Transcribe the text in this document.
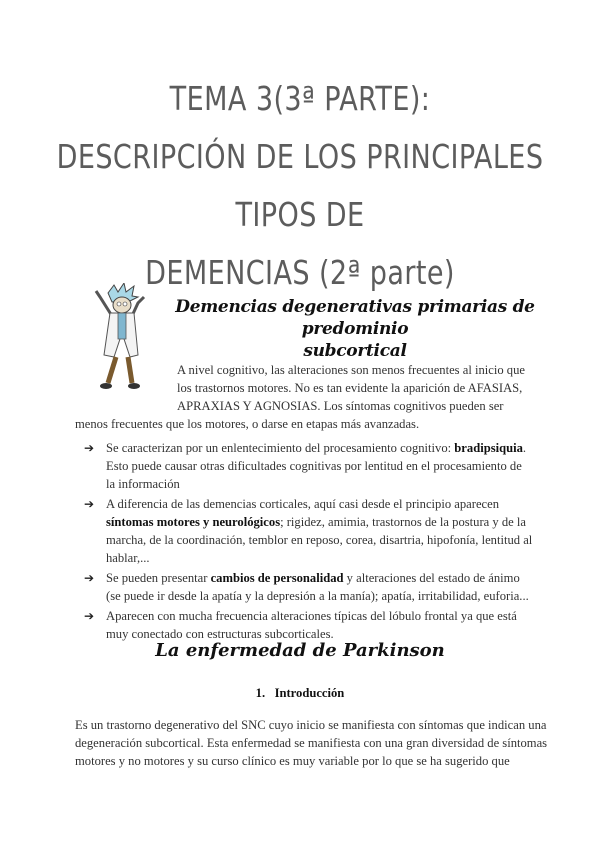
TEMA 3(3ª PARTE):
DESCRIPCIÓN DE LOS PRINCIPALES TIPOS DE
DEMENCIAS (2ª parte)
Demencias degenerativas primarias de predominio
subcortical
A nivel cognitivo, las alteraciones son menos frecuentes al inicio que
los trastornos motores. No es tan evidente la aparición de AFASIAS,
APRAXIAS Y AGNOSIAS. Los síntomas cognitivos pueden ser
menos frecuentes que los motores, o darse en etapas más avanzadas.
➔ Se caracterizan por un enlentecimiento del procesamiento cognitivo: bradipsiquia. Esto puede causar otras dificultades cognitivas por lentitud en el procesamiento de la información
➔ A diferencia de las demencias corticales, aquí casi desde el principio aparecen síntomas motores y neurológicos; rigidez, amimia, trastornos de la postura y de la marcha, de la coordinación, temblor en reposo, corea, disartria, hipofonía, lentitud al hablar,...
➔ Se pueden presentar cambios de personalidad y alteraciones del estado de ánimo (se puede ir desde la apatía y la depresión a la manía); apatía, irritabilidad, euforia...
➔ Aparecen con mucha frecuencia alteraciones típicas del lóbulo frontal ya que está muy conectado con estructuras subcorticales.
La enfermedad de Parkinson
1.   Introducción
Es un trastorno degenerativo del SNC cuyo inicio se manifiesta con síntomas que indican una
degeneración subcortical. Esta enfermedad se manifiesta con una gran diversidad de síntomas
motores y no motores y su curso clínico es muy variable por lo que se ha sugerido que
